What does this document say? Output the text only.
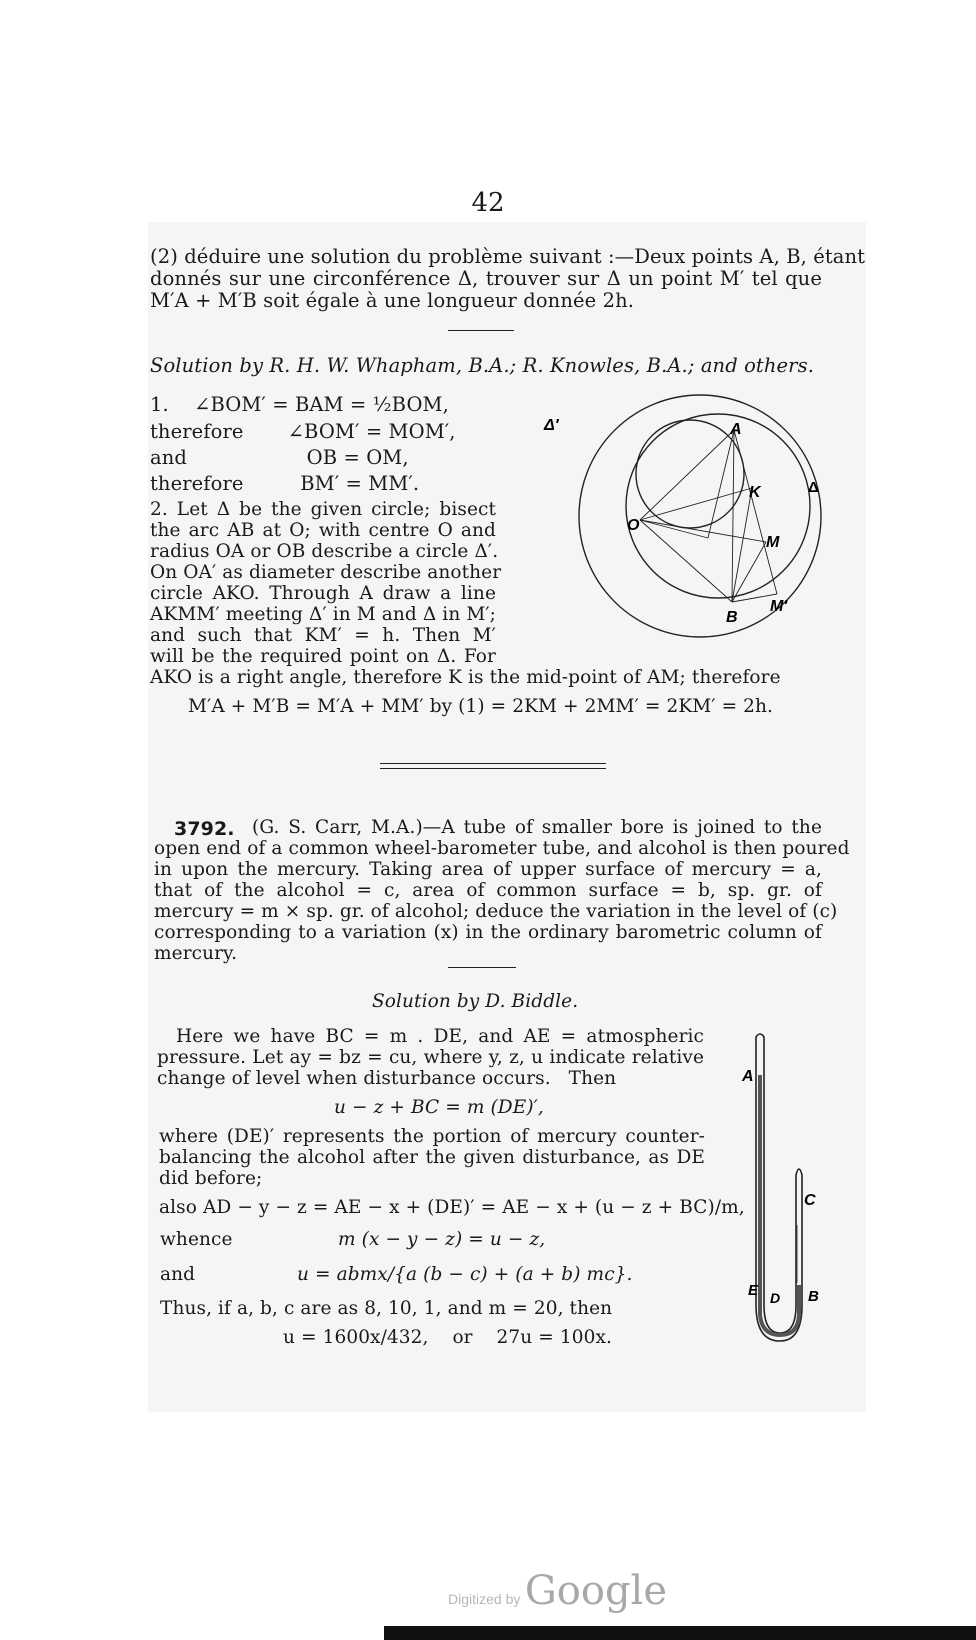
42
(2) déduire une solution du problème suivant :—Deux points A, B, étant
donnés sur une circonférence Δ, trouver sur Δ un point M′ tel que
M′A + M′B soit égale à une longueur donnée 2h.
Solution by R. H. W. Whapham, B.A.; R. Knowles, B.A.; and others.
1.    ∠BOM′ = BAM = ½BOM,
therefore       ∠BOM′ = MOM′,
and                   OB = OM,
therefore         BM′ = MM′.
2. Let Δ be the given circle; bisect
the arc AB at O; with centre O and
radius OA or OB describe a circle Δ′.
On OA′ as diameter describe another
circle AKO. Through A draw a line
AKMM′ meeting Δ′ in M and Δ in M′;
and such that KM′ = h. Then M′
will be the required point on Δ. For
AKO is a right angle, therefore K is the mid-point of AM; therefore
M′A + M′B = M′A + MM′ by (1) = 2KM + 2MM′ = 2KM′ = 2h.
Δ′	A
K	Δ
O
M
B
M′
3792. (G. S. Carr, M.A.)—A tube of smaller bore is joined to the
open end of a common wheel-barometer tube, and alcohol is then poured
in upon the mercury. Taking area of upper surface of mercury = a,
that of the alcohol = c, area of common surface = b, sp. gr. of
mercury = m × sp. gr. of alcohol; deduce the variation in the level of (c)
corresponding to a variation (x) in the ordinary barometric column of
mercury.
Solution by D. Biddle.
Here we have BC = m . DE, and AE = atmospheric
pressure. Let ay = bz = cu, where y, z, u indicate relative
change of level when disturbance occurs.   Then
u − z + BC = m (DE)′,
where (DE)′ represents the portion of mercury counter-
balancing the alcohol after the given disturbance, as DE
did before;
also AD − y − z = AE − x + (DE)′ = AE − x + (u − z + BC)/m,
whence	m (x − y − z) = u − z,
and	u = abmx/{a (b − c) + (a + b) mc}.
Thus, if a, b, c are as 8, 10, 1, and m = 20, then
u = 1600x/432,    or    27u = 100x.
A
C
E D B
Digitized by Google
